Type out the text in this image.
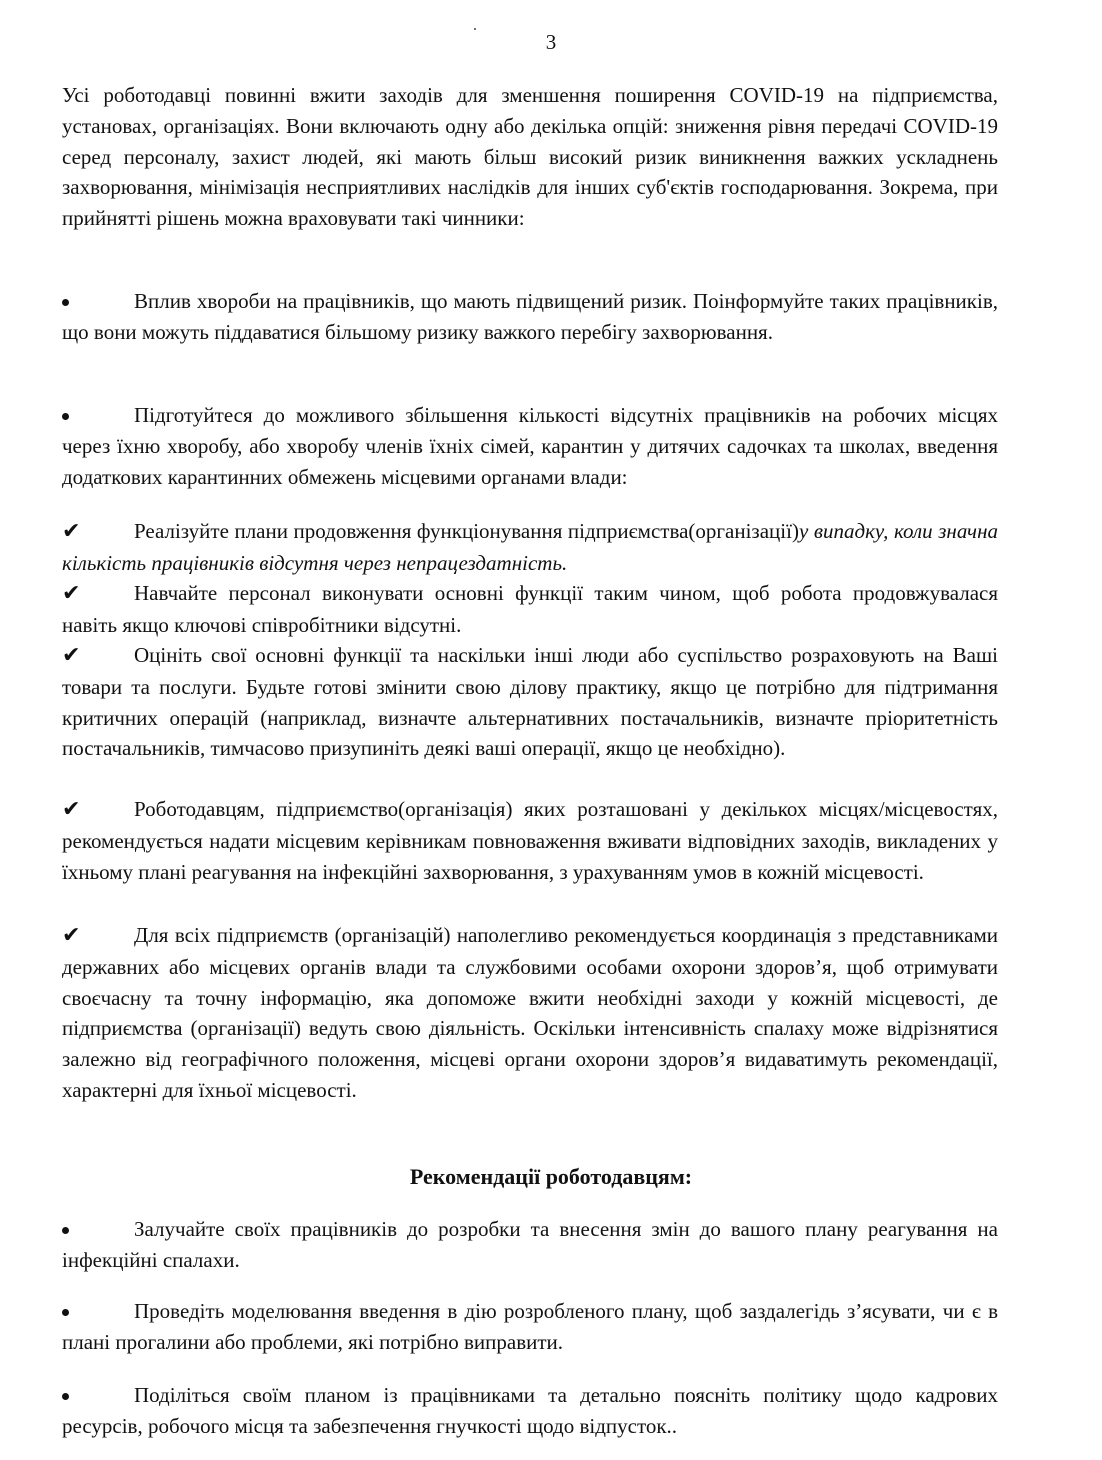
3

Усі роботодавці повинні вжити заходів для зменшення поширення COVID-19 на підприємства, установах, організаціях. Вони включають одну або декілька опцій: зниження рівня передачі COVID-19 серед персоналу, захист людей, які мають більш високий ризик виникнення важких ускладнень захворювання, мінімізація несприятливих наслідків для інших суб'єктів господарювання. Зокрема, при прийнятті рішень можна враховувати такі чинники:

Вплив хвороби на працівників, що мають підвищений ризик. Поінформуйте таких працівників, що вони можуть піддаватися більшому ризику важкого перебігу захворювання.

Підготуйтеся до можливого збільшення кількості відсутніх працівників на робочих місцях через їхню хворобу, або хворобу членів їхніх сімей, карантин у дитячих садочках та школах, введення додаткових карантинних обмежень місцевими органами влади:

✔	Реалізуйте плани продовження функціонування підприємства(організації)у випадку, коли значна кількість працівників відсутня через непрацездатність.

✔	Навчайте персонал виконувати основні функції таким чином, щоб робота продовжувалася навіть якщо ключові співробітники відсутні.

✔	Оцініть свої основні функції та наскільки інші люди або суспільство розраховують на Ваші товари та послуги. Будьте готові змінити свою ділову практику, якщо це потрібно для підтримання критичних операцій (наприклад, визначте альтернативних постачальників, визначте пріоритетність постачальників, тимчасово призупиніть деякі ваші операції, якщо це необхідно).

✔	Роботодавцям, підприємство(організація) яких розташовані у декількох місцях/місцевостях, рекомендується надати місцевим керівникам повноваження вживати відповідних заходів, викладених у їхньому плані реагування на інфекційні захворювання, з урахуванням умов в кожній місцевості.

✔	Для всіх підприємств (організацій) наполегливо рекомендується координація з представниками державних або місцевих органів влади та службовими особами охорони здоров’я, щоб отримувати своєчасну та точну інформацію, яка допоможе вжити необхідні заходи у кожній місцевості, де підприємства (організації) ведуть свою діяльність. Оскільки інтенсивність спалаху може відрізнятися залежно від географічного положення, місцеві органи охорони здоров’я видаватимуть рекомендації, характерні для їхньої місцевості.

Рекомендації роботодавцям:

Залучайте своїх працівників до розробки та внесення змін до вашого плану реагування на інфекційні спалахи.

Проведіть моделювання введення в дію розробленого плану, щоб заздалегідь з’ясувати, чи є в плані прогалини або проблеми, які потрібно виправити.

Поділіться своїм планом із працівниками та детально поясніть політику щодо кадрових ресурсів, робочого місця та забезпечення гнучкості щодо відпусток..
